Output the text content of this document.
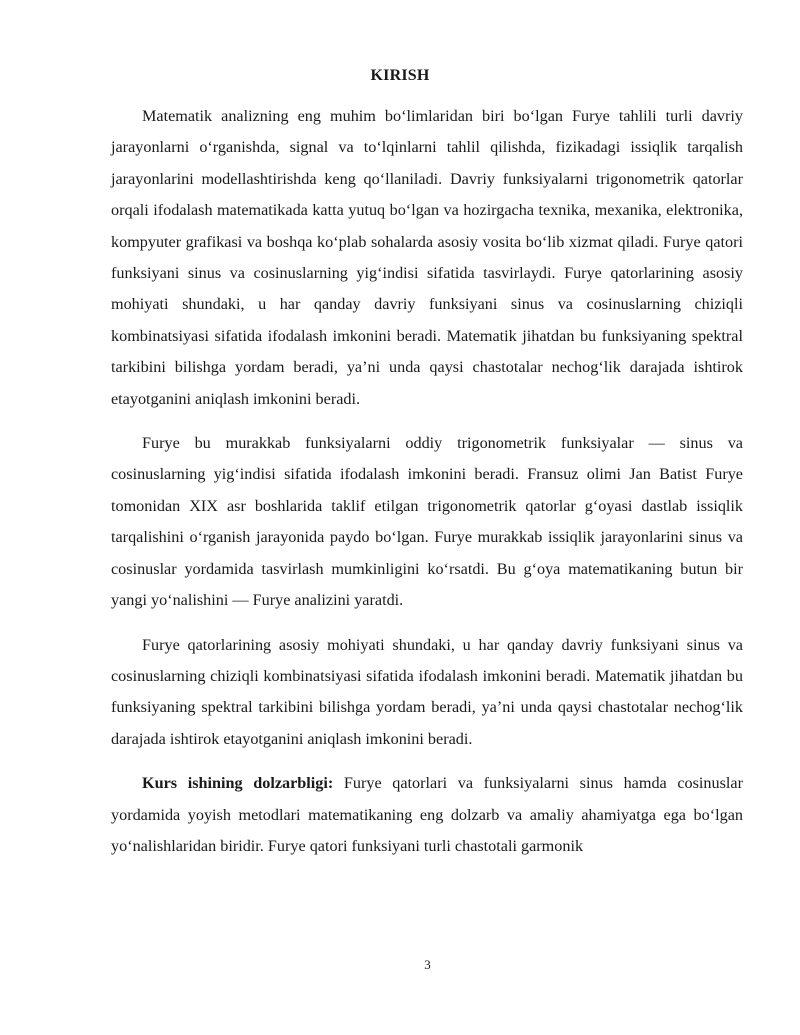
KIRISH

Matematik analizning eng muhim bo‘limlaridan biri bo‘lgan Furye tahlili turli davriy jarayonlarni o‘rganishda, signal va to‘lqinlarni tahlil qilishda, fizikadagi issiqlik tarqalish jarayonlarini modellashtirishda keng qo‘llaniladi. Davriy funksiyalarni trigonometrik qatorlar orqali ifodalash matematikada katta yutuq bo‘lgan va hozirgacha texnika, mexanika, elektronika, kompyuter grafikasi va boshqa ko‘plab sohalarda asosiy vosita bo‘lib xizmat qiladi. Furye qatori funksiyani sinus va cosinuslarning yig‘indisi sifatida tasvirlaydi. Furye qatorlarining asosiy mohiyati shundaki, u har qanday davriy funksiyani sinus va cosinuslarning chiziqli kombinatsiyasi sifatida ifodalash imkonini beradi. Matematik jihatdan bu funksiyaning spektral tarkibini bilishga yordam beradi, ya’ni unda qaysi chastotalar nechog‘lik darajada ishtirok etayotganini aniqlash imkonini beradi.

Furye bu murakkab funksiyalarni oddiy trigonometrik funksiyalar — sinus va cosinuslarning yig‘indisi sifatida ifodalash imkonini beradi. Fransuz olimi Jan Batist Furye tomonidan XIX asr boshlarida taklif etilgan trigonometrik qatorlar g‘oyasi dastlab issiqlik tarqalishini o‘rganish jarayonida paydo bo‘lgan. Furye murakkab issiqlik jarayonlarini sinus va cosinuslar yordamida tasvirlash mumkinligini ko‘rsatdi. Bu g‘oya matematikaning butun bir yangi yo‘nalishini — Furye analizini yaratdi.

Furye qatorlarining asosiy mohiyati shundaki, u har qanday davriy funksiyani sinus va cosinuslarning chiziqli kombinatsiyasi sifatida ifodalash imkonini beradi. Matematik jihatdan bu funksiyaning spektral tarkibini bilishga yordam beradi, ya’ni unda qaysi chastotalar nechog‘lik darajada ishtirok etayotganini aniqlash imkonini beradi.

Kurs ishining dolzarbligi: Furye qatorlari va funksiyalarni sinus hamda cosinuslar yordamida yoyish metodlari matematikaning eng dolzarb va amaliy ahamiyatga ega bo‘lgan yo‘nalishlaridan biridir. Furye qatori funksiyani turli chastotali garmonik

3
